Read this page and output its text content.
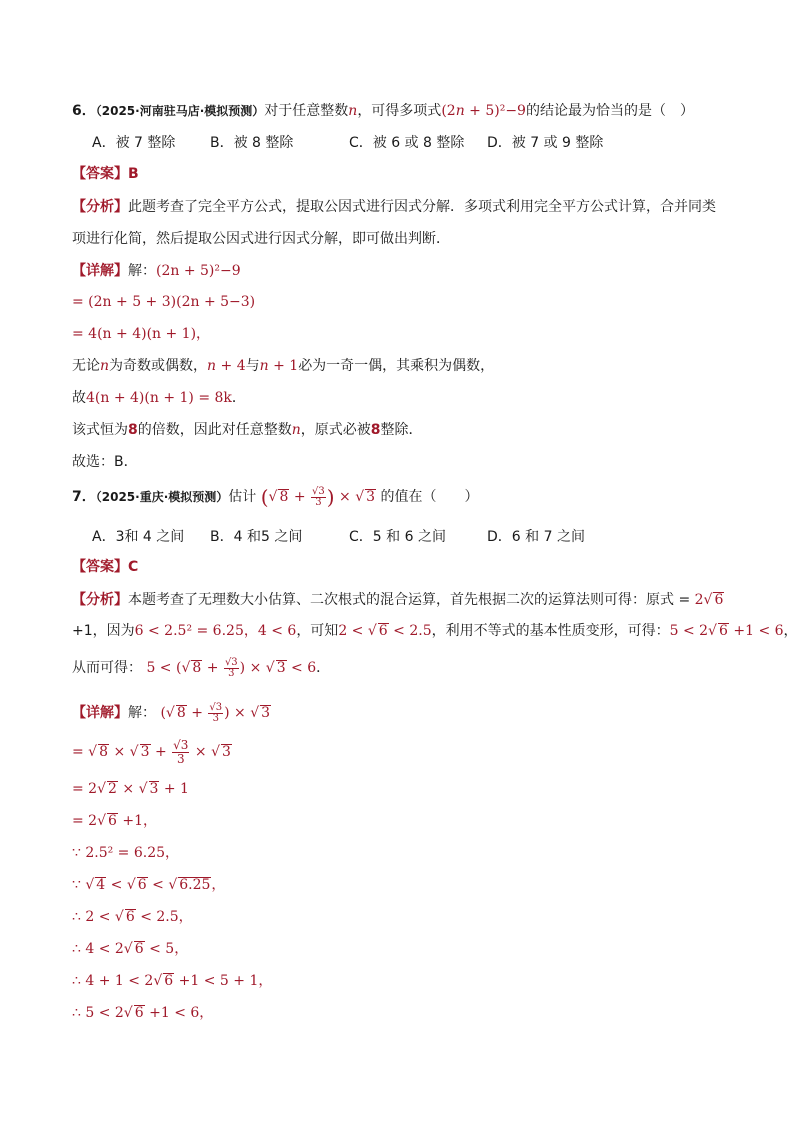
6．（2025·河南驻马店·模拟预测）对于任意整数n，可得多项式(2n + 5)²−9的结论最为恰当的是（　）
A．被 7 整除 B．被 8 整除	C．被 6 或 8 整除 D．被 7 或 9 整除
【答案】B
【分析】此题考查了完全平方公式，提取公因式进行因式分解．多项式利用完全平方公式计算，合并同类
项进行化简，然后提取公因式进行因式分解，即可做出判断．
【详解】解：(2n + 5)²−9
= (2n + 5 + 3)(2n + 5−3)
= 4(n + 4)(n + 1)，
无论n为奇数或偶数，n + 4与n + 1必为一奇一偶，其乘积为偶数，
故4(n + 4)(n + 1) = 8k．
该式恒为8的倍数，因此对任意整数n，原式必被8整除．
故选：B．
7．（2025·重庆·模拟预测）估计 (√ $8 + \frac{√3}{3}$ ) × √ 3 的值在（　　）
A．3和 4 之间 B．4 和5 之间	C．5 和 6 之间	D．6 和 7 之间
【答案】C
【分析】本题考查了无理数大小估算、二次根式的混合运算，首先根据二次的运算法则可得：原式 = 2√ 6
+1，因为6 < 2.5² = 6.25，4 < 6，可知2 < √ 6 < 2.5，利用不等式的基本性质变形，可得：5 < 2√ 6 +1 < 6，
从而可得： 5 < (√ $8 + \frac{√3}{3}$ ) × √ 3 < 6．
【详解】解： (√ $8 + \frac{√3}{3}$ ) × √ 3
= √ 8 × √ $3 + \frac{√3}{3}$ × √ 3
= 2√ 2 × √ 3 + 1
= 2√ 6 +1，
∵ 2.5² = 6.25，
∵ √ 4 < √ 6 < √ 6.25，
∴ 2 < √ 6 < 2.5，
∴ 4 < 2√ 6 < 5，
∴ 4 + 1 < 2√ 6 +1 < 5 + 1，
∴ 5 < 2√ 6 +1 < 6，
